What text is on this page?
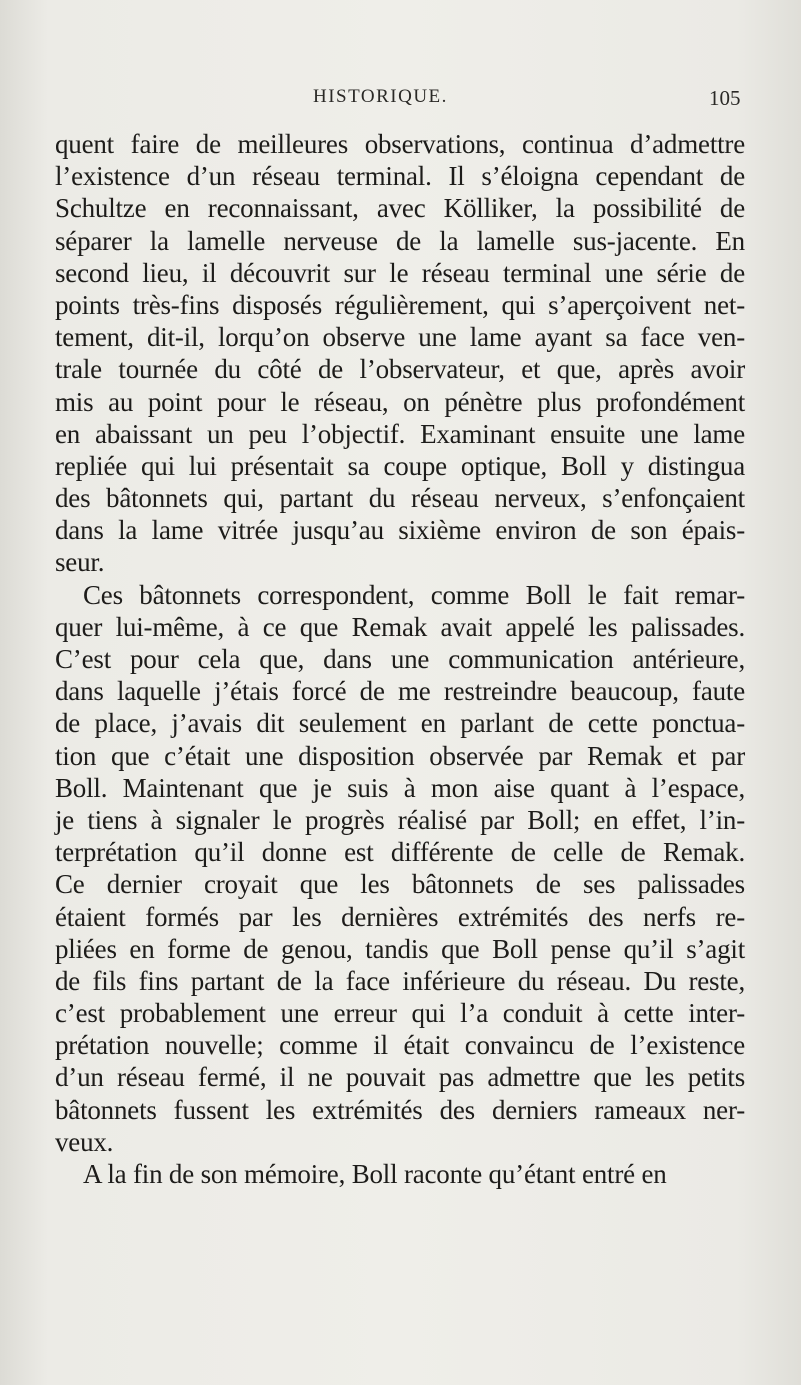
HISTORIQUE.	105
quent faire de meilleures observations, continua d’admettre
l’existence d’un réseau terminal. Il s’éloigna cependant de
Schultze en reconnaissant, avec Kölliker, la possibilité de
séparer la lamelle nerveuse de la lamelle sus-jacente. En
second lieu, il découvrit sur le réseau terminal une série de
points très-fins disposés régulièrement, qui s’aperçoivent net-
tement, dit-il, lorqu’on observe une lame ayant sa face ven-
trale tournée du côté de l’observateur, et que, après avoir
mis au point pour le réseau, on pénètre plus profondément
en abaissant un peu l’objectif. Examinant ensuite une lame
repliée qui lui présentait sa coupe optique, Boll y distingua
des bâtonnets qui, partant du réseau nerveux, s’enfonçaient
dans la lame vitrée jusqu’au sixième environ de son épais-
seur.
Ces bâtonnets correspondent, comme Boll le fait remar-
quer lui-même, à ce que Remak avait appelé les palissades.
C’est pour cela que, dans une communication antérieure,
dans laquelle j’étais forcé de me restreindre beaucoup, faute
de place, j’avais dit seulement en parlant de cette ponctua-
tion que c’était une disposition observée par Remak et par
Boll. Maintenant que je suis à mon aise quant à l’espace,
je tiens à signaler le progrès réalisé par Boll; en effet, l’in-
terprétation qu’il donne est différente de celle de Remak.
Ce dernier croyait que les bâtonnets de ses palissades
étaient formés par les dernières extrémités des nerfs re-
pliées en forme de genou, tandis que Boll pense qu’il s’agit
de fils fins partant de la face inférieure du réseau. Du reste,
c’est probablement une erreur qui l’a conduit à cette inter-
prétation nouvelle; comme il était convaincu de l’existence
d’un réseau fermé, il ne pouvait pas admettre que les petits
bâtonnets fussent les extrémités des derniers rameaux ner-
veux.
A la fin de son mémoire, Boll raconte qu’étant entré en
